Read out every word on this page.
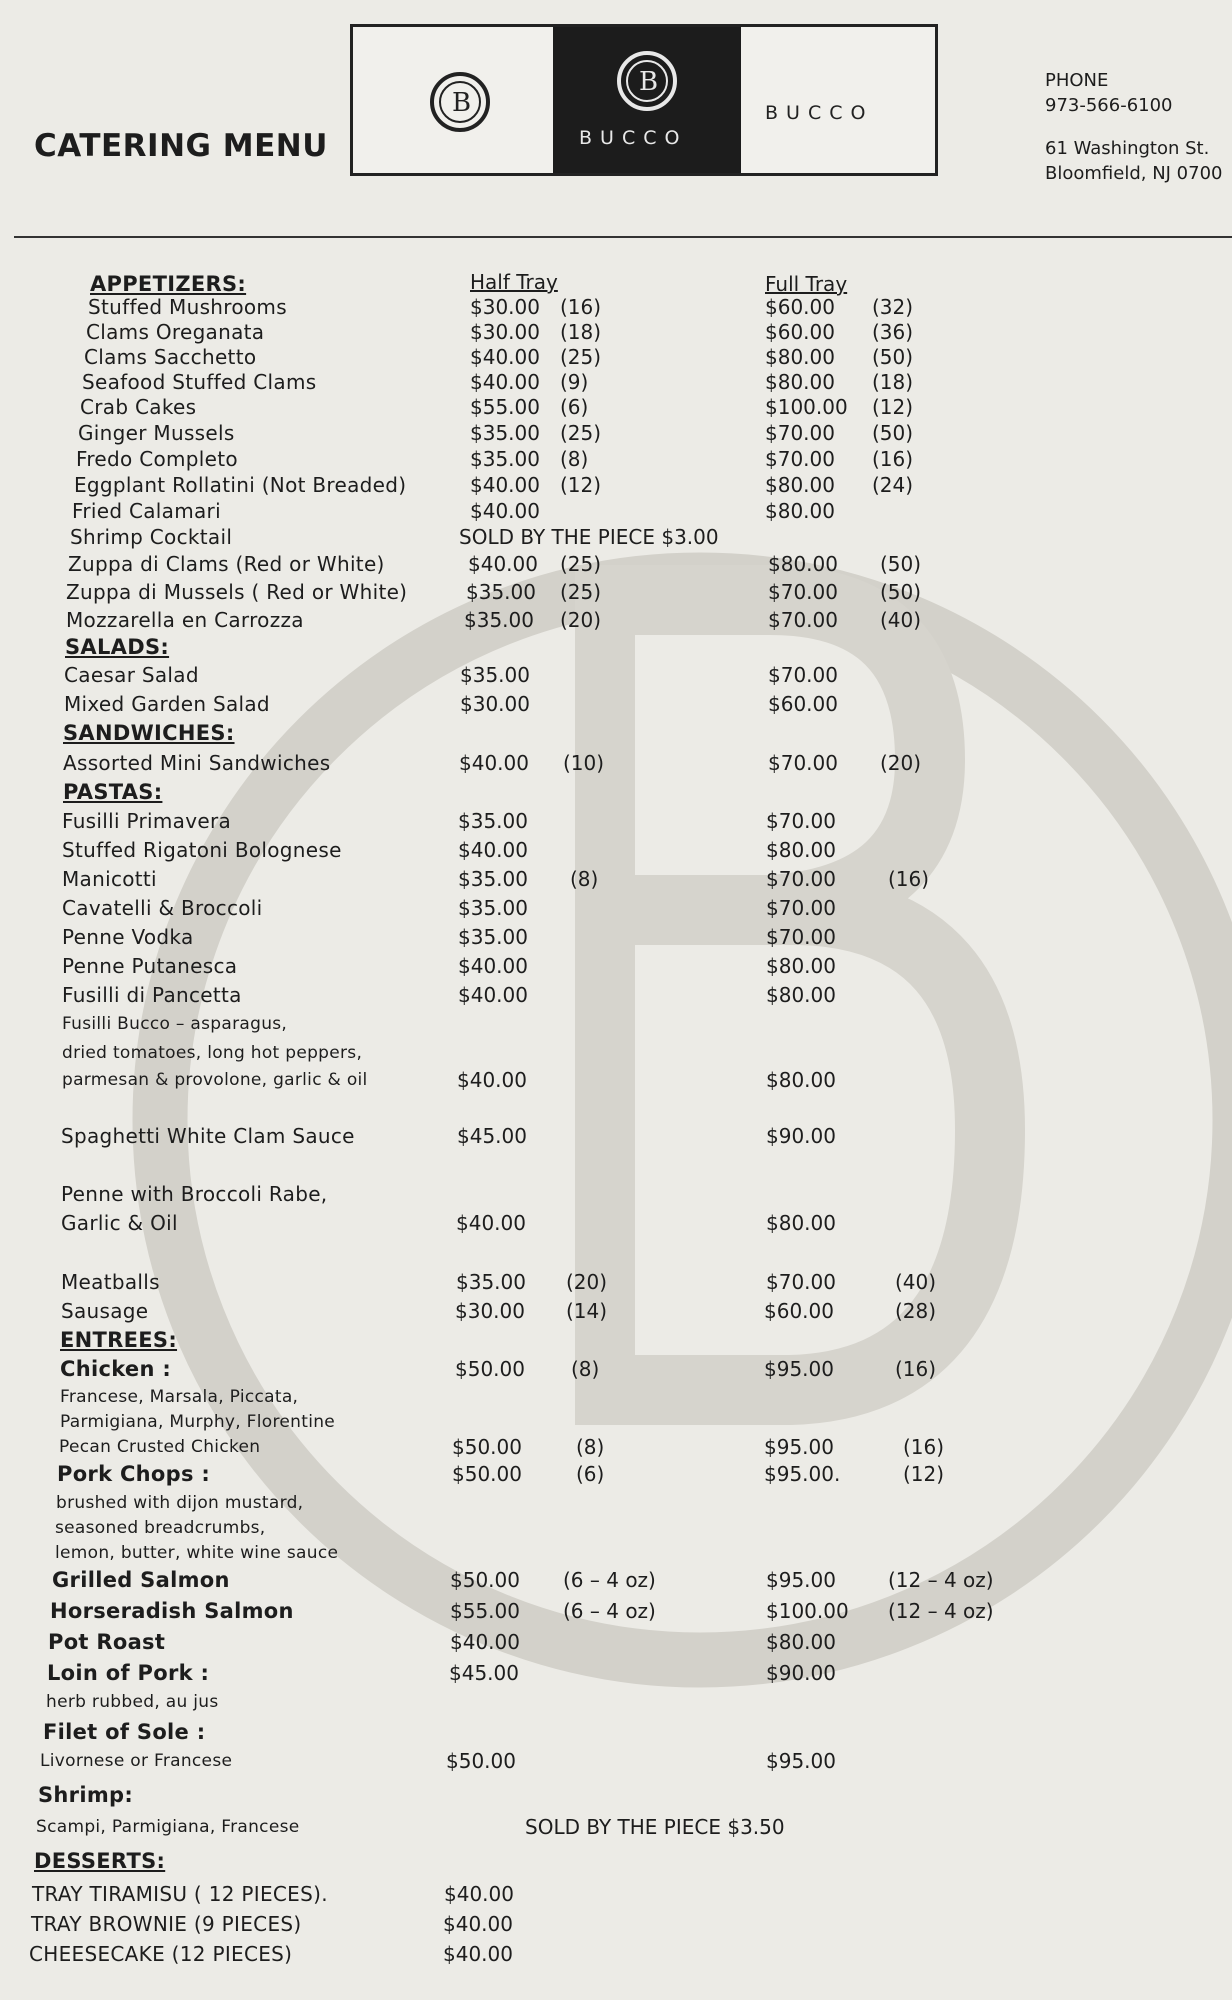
CATERING MENU
B
B
BUCCO
BUCCO
PHONE
973-566-6100
61 Washington St.
Bloomfield, NJ 0700
Half Tray	Full Tray
APPETIZERS:
Stuffed Mushrooms	$30.00 (16)	$60.00 (32)
Clams Oreganata	$30.00 (18)	$60.00 (36)
Clams Sacchetto	$40.00 (25)	$80.00 (50)
Seafood Stuffed Clams	$40.00 (9)	$80.00 (18)
Crab Cakes	$55.00 (6)	$100.00 (12)
Ginger Mussels	$35.00 (25)	$70.00 (50)
Fredo Completo	$35.00 (8)	$70.00 (16)
Eggplant Rollatini (Not Breaded)	$40.00 (12)	$80.00 (24)
Fried Calamari	$40.00	$80.00
Shrimp Cocktail	SOLD BY THE PIECE $3.00
Zuppa di Clams (Red or White)	$40.00 (25)	$80.00 (50)
Zuppa di Mussels ( Red or White)	$35.00 (25)	$70.00 (50)
Mozzarella en Carrozza	$35.00 (20)	$70.00 (40)
SALADS:
Caesar Salad	$35.00	$70.00
Mixed Garden Salad	$30.00	$60.00
SANDWICHES:
Assorted Mini Sandwiches	$40.00 (10)	$70.00 (20)
PASTAS:
Fusilli Primavera	$35.00	$70.00
Stuffed Rigatoni Bolognese	$40.00	$80.00
Manicotti	$35.00 (8)	$70.00	(16)
Cavatelli & Broccoli	$35.00	$70.00
Penne Vodka	$35.00	$70.00
Penne Putanesca	$40.00	$80.00
Fusilli di Pancetta	$40.00	$80.00
Fusilli Bucco – asparagus,
dried tomatoes, long hot peppers,
parmesan & provolone, garlic & oil	$40.00	$80.00
Spaghetti White Clam Sauce	$45.00	$90.00
Penne with Broccoli Rabe,
Garlic & Oil	$40.00	$80.00
Meatballs	$35.00 (20)	$70.00	(40)
Sausage	$30.00 (14)	$60.00	(28)
ENTREES:
Chicken :	$50.00 (8)	$95.00	(16)
Francese, Marsala, Piccata,
Parmigiana, Murphy, Florentine
Pecan Crusted Chicken	$50.00	(8)	$95.00	(16)
Pork Chops :	$50.00	(6)	$95.00.	(12)
brushed with dijon mustard,
seasoned breadcrumbs,
lemon, butter, white wine sauce
Grilled Salmon	$50.00 (6 – 4 oz)	$95.00	(12 – 4 oz)
Horseradish Salmon	$55.00 (6 – 4 oz)	$100.00 (12 – 4 oz)
Pot Roast	$40.00	$80.00
Loin of Pork :	$45.00	$90.00
herb rubbed, au jus
Filet of Sole :
Livornese or Francese	$50.00	$95.00
Shrimp:
Scampi, Parmigiana, Francese	SOLD BY THE PIECE $3.50
DESSERTS:
TRAY TIRAMISU ( 12 PIECES).	$40.00
TRAY BROWNIE (9 PIECES)	$40.00
CHEESECAKE (12 PIECES)	$40.00
